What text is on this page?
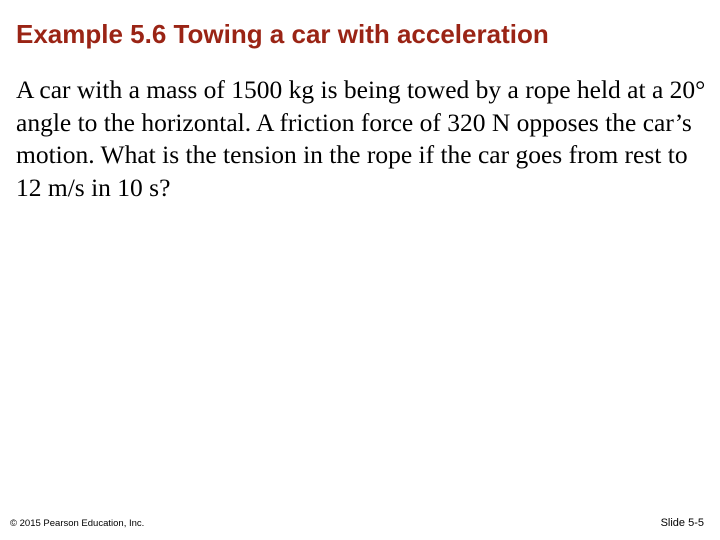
Example 5.6 Towing a car with acceleration

A car with a mass of 1500 kg is being towed by a rope held at a 20° angle to the horizontal. A friction force of 320 N opposes the car’s motion. What is the tension in the rope if the car goes from rest to 12 m/s in 10 s?

© 2015 Pearson Education, Inc.	Slide 5-5
